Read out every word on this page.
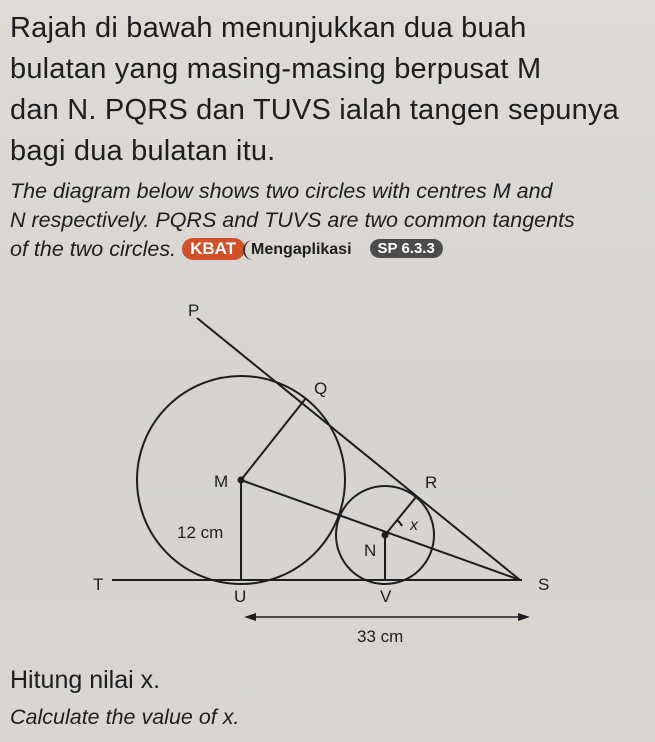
Rajah di bawah menunjukkan dua buah
bulatan yang masing-masing berpusat M
dan N. PQRS dan TUVS ialah tangen sepunya
bagi dua bulatan itu.
The diagram below shows two circles with centres M and
N respectively. PQRS and TUVS are two common tangents
of the two circles. KBAT Mengaplikasi SP 6.3.3
P
Q
R
S
T
U	V
M
N
12 cm
33 cm
x
Hitung nilai x.
Calculate the value of x.
